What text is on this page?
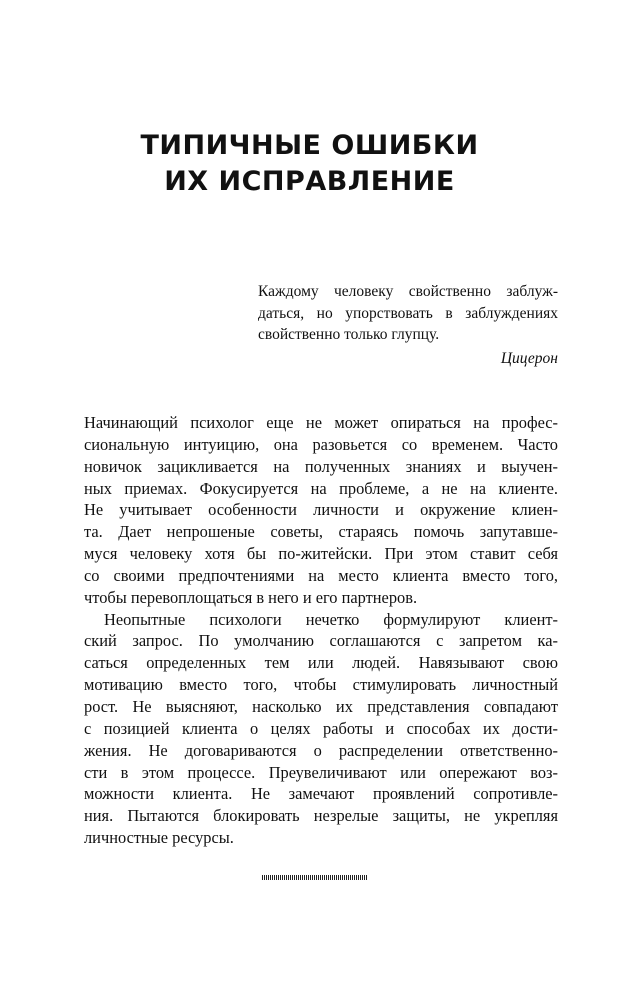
ТИПИЧНЫЕ ОШИБКИ
ИХ ИСПРАВЛЕНИЕ
Каждому человеку свойственно заблуж-
даться, но упорствовать в заблуждениях
свойственно только глупцу.
Цицерон
Начинающий психолог еще не может опираться на профес-
сиональную интуицию, она разовьется со временем. Часто
новичок зацикливается на полученных знаниях и выучен-
ных приемах. Фокусируется на проблеме, а не на клиенте.
Не учитывает особенности личности и окружение клиен-
та. Дает непрошеные советы, стараясь помочь запутавше-
муся человеку хотя бы по-житейски. При этом ставит себя
со своими предпочтениями на место клиента вместо того,
чтобы перевоплощаться в него и его партнеров.
Неопытные психологи нечетко формулируют клиент-
ский запрос. По умолчанию соглашаются с запретом ка-
саться определенных тем или людей. Навязывают свою
мотивацию вместо того, чтобы стимулировать личностный
рост. Не выясняют, насколько их представления совпадают
с позицией клиента о целях работы и способах их дости-
жения. Не договариваются о распределении ответственно-
сти в этом процессе. Преувеличивают или опережают воз-
можности клиента. Не замечают проявлений сопротивле-
ния. Пытаются блокировать незрелые защиты, не укрепляя
личностные ресурсы.
